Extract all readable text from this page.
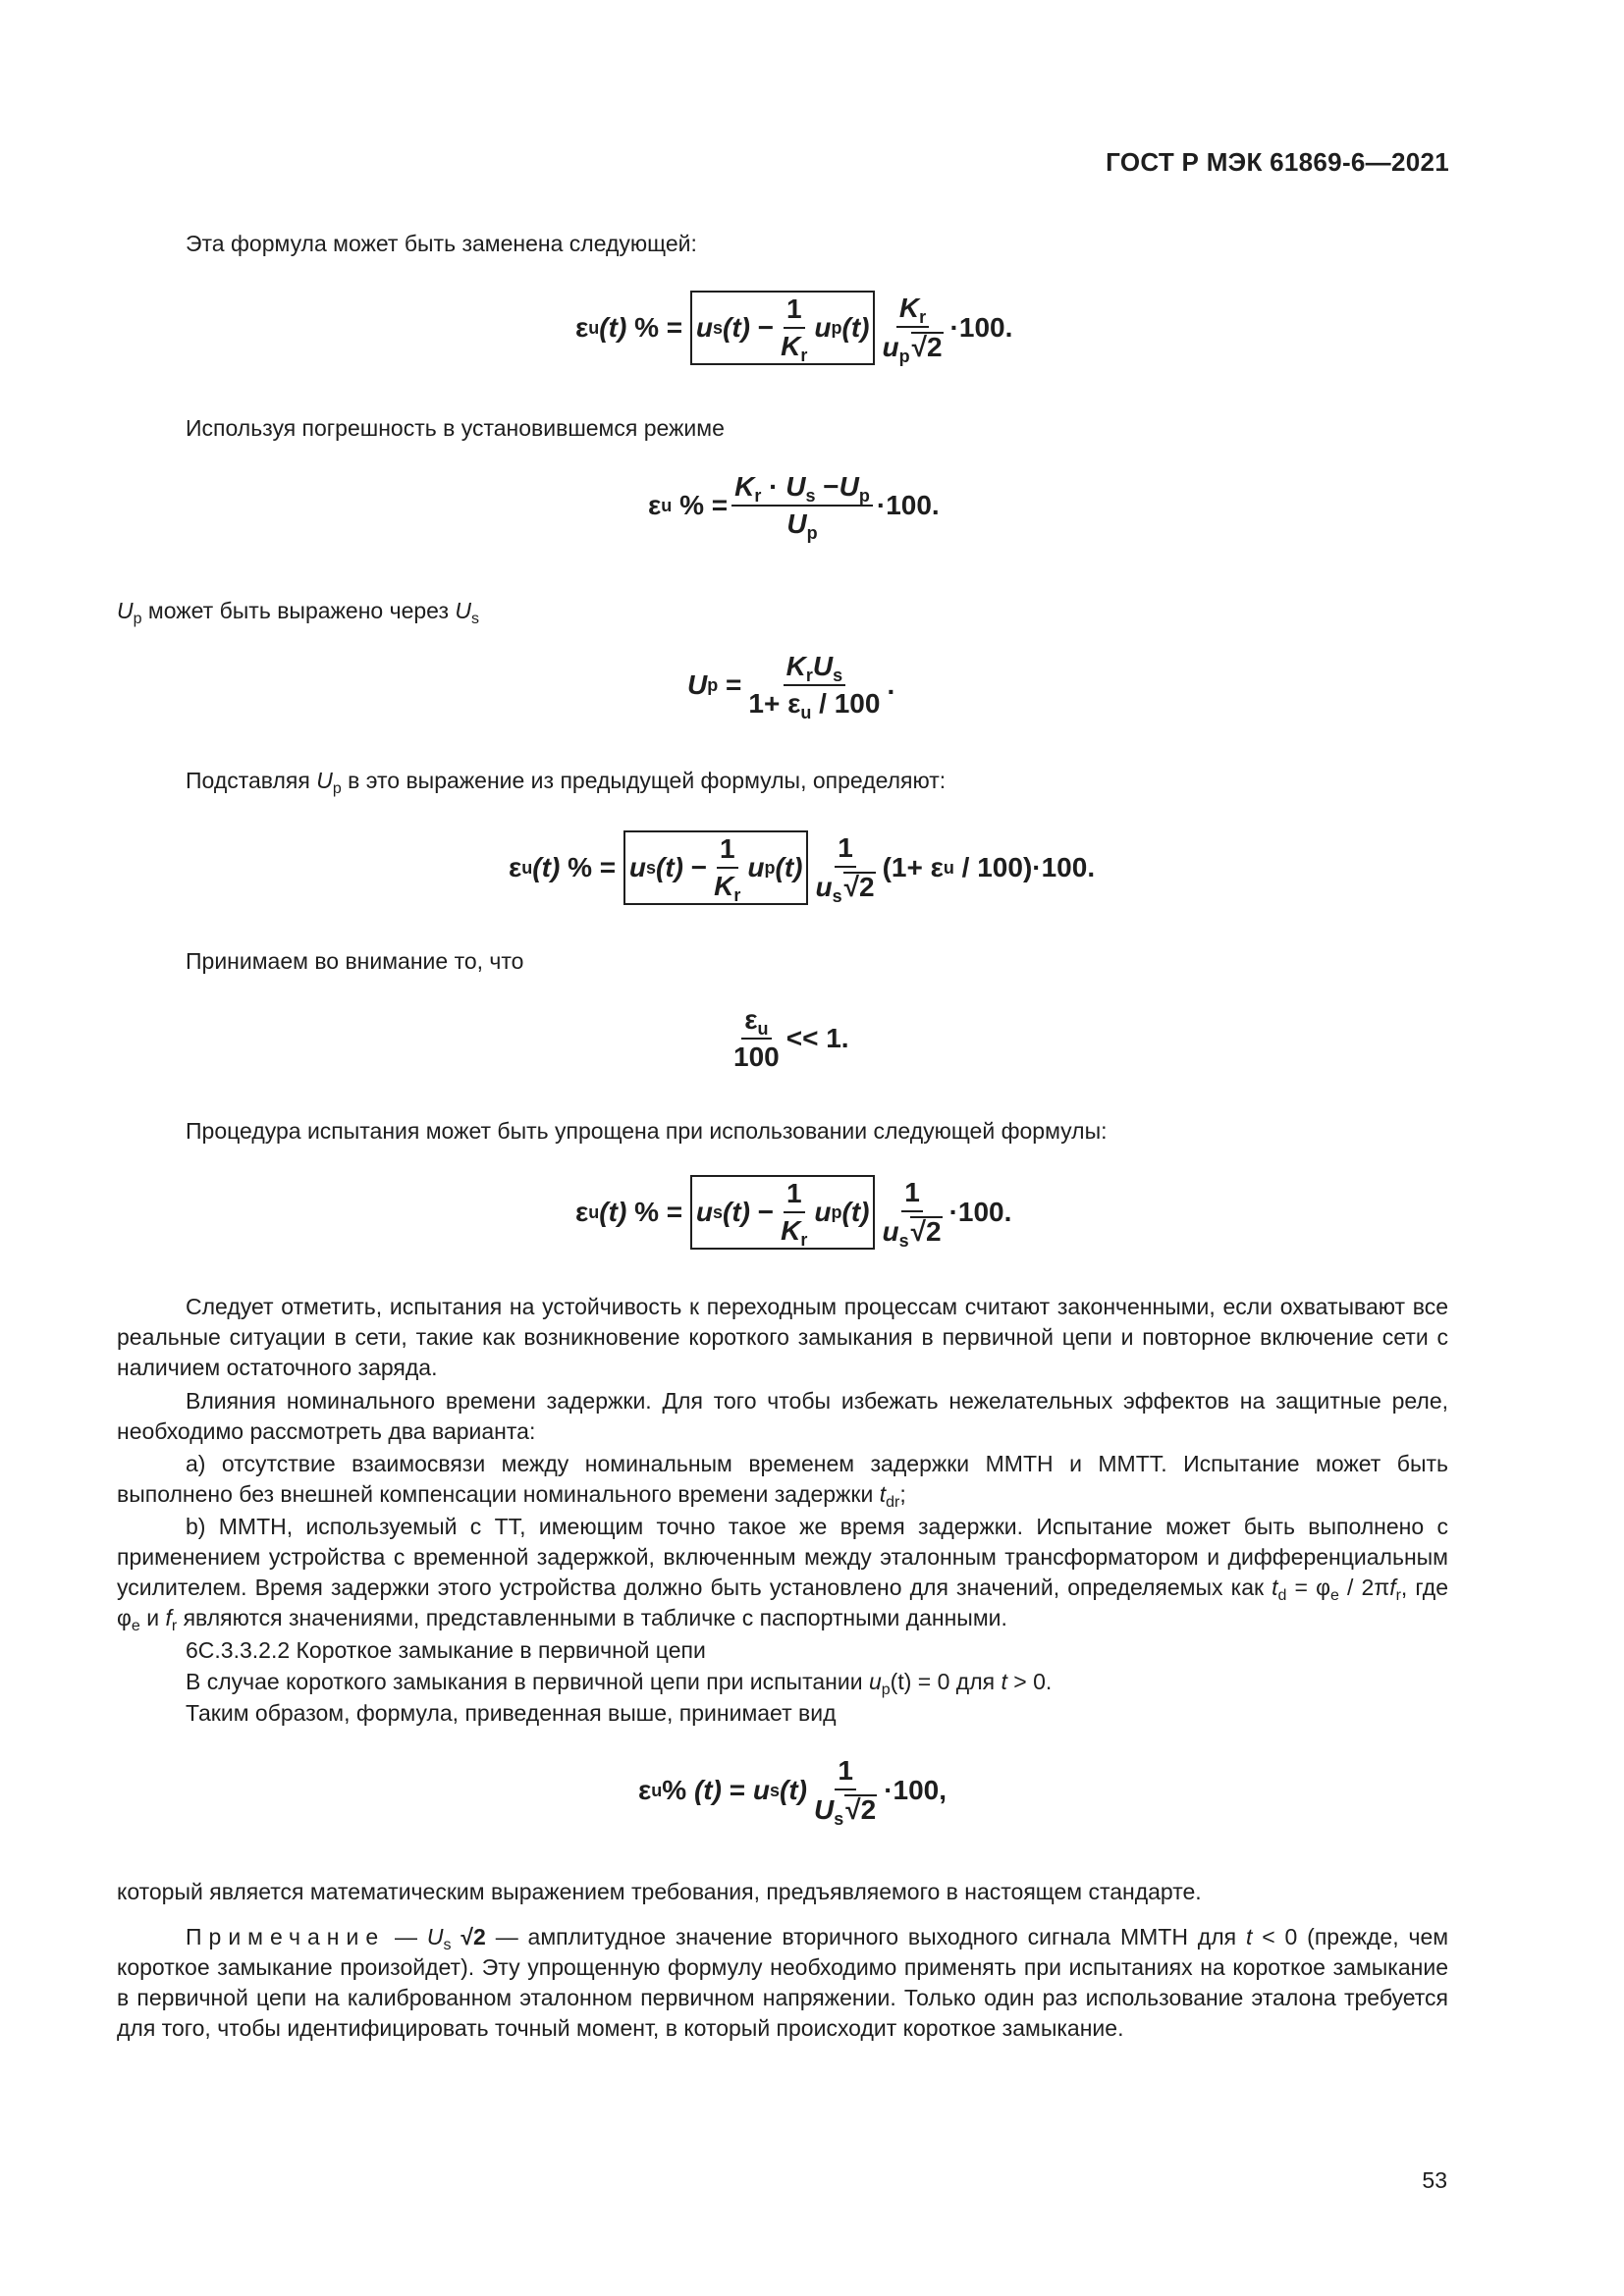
ГОСТ Р МЭК 61869-6—2021
Эта формула может быть заменена следующей:
ε u (t)
%
=
u s (t)
− $\frac{1}{K_r}$ u p $(t) \frac{K_r}{u_p√2} \cdot 100$.
Используя погрешность в установившемся режиме
ε u
%
= $\frac{K_r \cdot U_s -U_p}{U_p} \cdot 100$.
$U_p$ может быть выражено через $U_s$
U p
= $\frac{K_rU_s}{1+ \varepsilon_u / 100}$ .
Подставляя $U_p$ в это выражение из предыдущей формулы, определяют:
ε u (t)
%
=
u s (t)
− $\frac{1}{K_r}$ u p $(t) \frac{1}{u_s√2} (1+ \varepsilon$ u
/ 100) ·100.
Принимаем во внимание то, что
$\frac{\varepsilon_u}{100} << 1$.
Процедура испытания может быть упрощена при использовании следующей формулы:
ε u (t)
%
=
u s (t)
− $\frac{1}{K_r}$ u p $(t) \frac{1}{u_s√2} \cdot 100$.
Следует отметить, испытания на устойчивость к переходным процессам считают законченными, если охватывают все реальные ситуации в сети, такие как возникновение короткого замыкания в первичной цепи и повторное включение сети с наличием остаточного заряда.
Влияния номинального времени задержки. Для того чтобы избежать нежелательных эффектов на защитные реле, необходимо рассмотреть два варианта:
a) отсутствие взаимосвязи между номинальным временем задержки ММТН и ММТТ. Испытание может быть выполнено без внешней компенсации номинального времени задержки $t_{dr}$;
b) ММТН, используемый с ТТ, имеющим точно такое же время задержки. Испытание может быть выполнено с применением устройства с временной задержкой, включенным между эталонным трансформатором и дифференциальным усилителем. Время задержки этого устройства должно быть установлено для значений, определяемых как $t_d = \varphi_e / 2\pi f_r$, где $\varphi_e$ и $f_r$ являются значениями, представленными в табличке с паспортными данными.
6С.3.3.2.2 Короткое замыкание в первичной цепи
В случае короткого замыкания в первичной цепи при испытании $u_p(t) = 0$ для t > 0.
Таким образом, формула, приведенная выше, принимает вид
ε u %
(t)
=
u s $(t) \frac{1}{U_s√2} \cdot 100$,
который является математическим выражением требования, предъявляемого в настоящем стандарте.
Примечание — $U_s$ √2 — амплитудное значение вторичного выходного сигнала ММТН для t < 0 (прежде, чем короткое замыкание произойдет). Эту упрощенную формулу необходимо применять при испытаниях на короткое замыкание в первичной цепи на калиброванном эталонном первичном напряжении. Только один раз использование эталона требуется для того, чтобы идентифицировать точный момент, в который происходит короткое замыкание.
53
